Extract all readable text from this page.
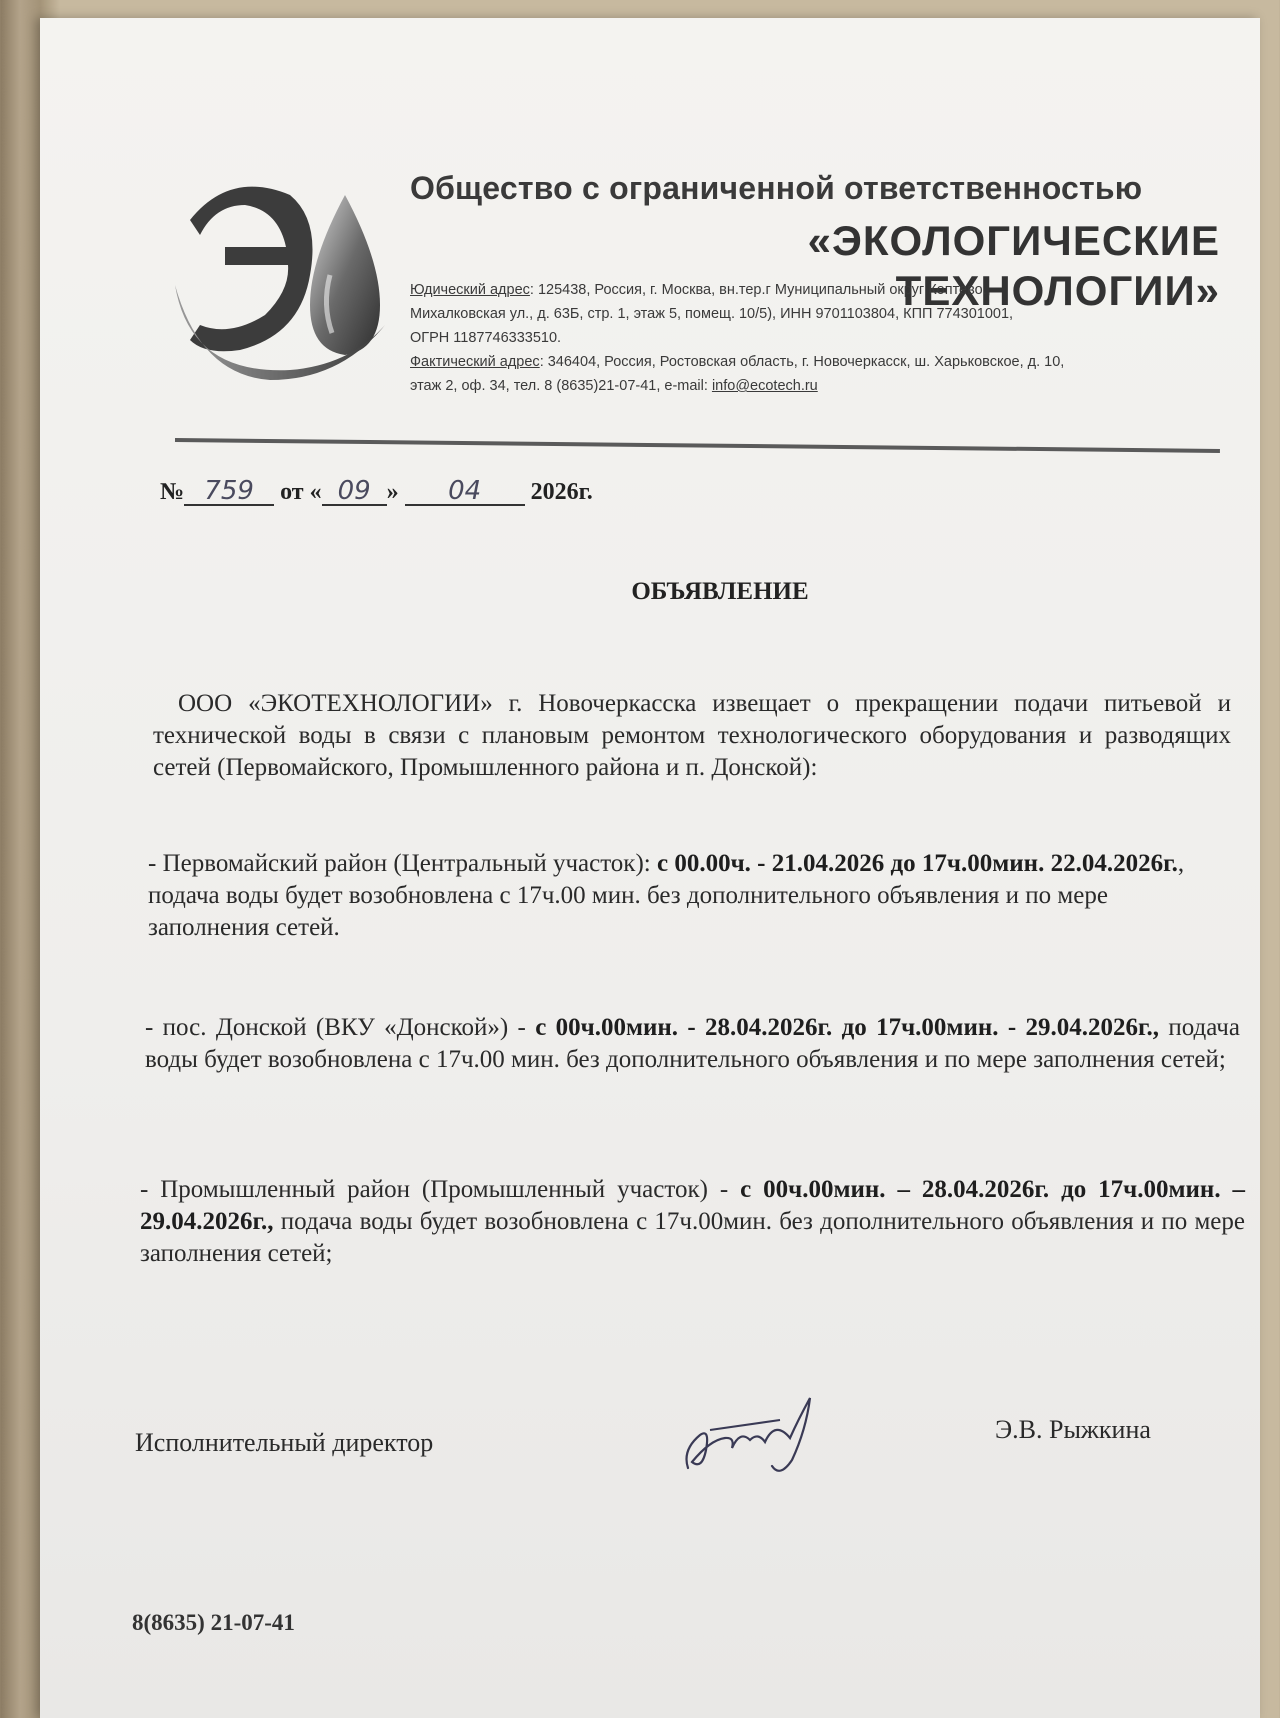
Э
Общество с ограниченной ответственностью
«ЭКОЛОГИЧЕСКИЕ ТЕХНОЛОГИИ»
Юдический адрес: 125438, Россия, г. Москва, вн.тер.г Муниципальный округ Коптево.,
Михалковская ул., д. 63Б, стр. 1, этаж 5, помещ. 10/5), ИНН 9701103804, КПП 774301001,
ОГРН 1187746333510.
Фактический адрес: 346404, Россия, Ростовская область, г. Новочеркасск, ш. Харьковское, д. 10,
этаж 2, оф. 34, тел. 8 (8635)21-07-41, e-mail: info@ecotech.ru
№ 759 от « 09 » 04 2026г.
ОБЪЯВЛЕНИЕ
ООО «ЭКОТЕХНОЛОГИИ» г. Новочеркасска извещает о прекращении подачи питьевой и технической воды в связи с плановым ремонтом технологического оборудования и разводящих сетей (Первомайского, Промышленного района и п. Донской):
- Первомайский район (Центральный участок): с 00.00ч. - 21.04.2026 до 17ч.00мин. 22.04.2026г., подача воды будет возобновлена с 17ч.00 мин. без дополнительного объявления и по мере заполнения сетей.
- пос. Донской (ВКУ «Донской») - с 00ч.00мин. - 28.04.2026г. до 17ч.00мин. - 29.04.2026г., подача воды будет возобновлена с 17ч.00 мин. без дополнительного объявления и по мере заполнения сетей;
- Промышленный район (Промышленный участок) - с 00ч.00мин. – 28.04.2026г. до 17ч.00мин. – 29.04.2026г., подача воды будет возобновлена с 17ч.00мин. без дополнительного объявления и по мере заполнения сетей;
Исполнительный директор	Э.В. Рыжкина
8(8635) 21-07-41
